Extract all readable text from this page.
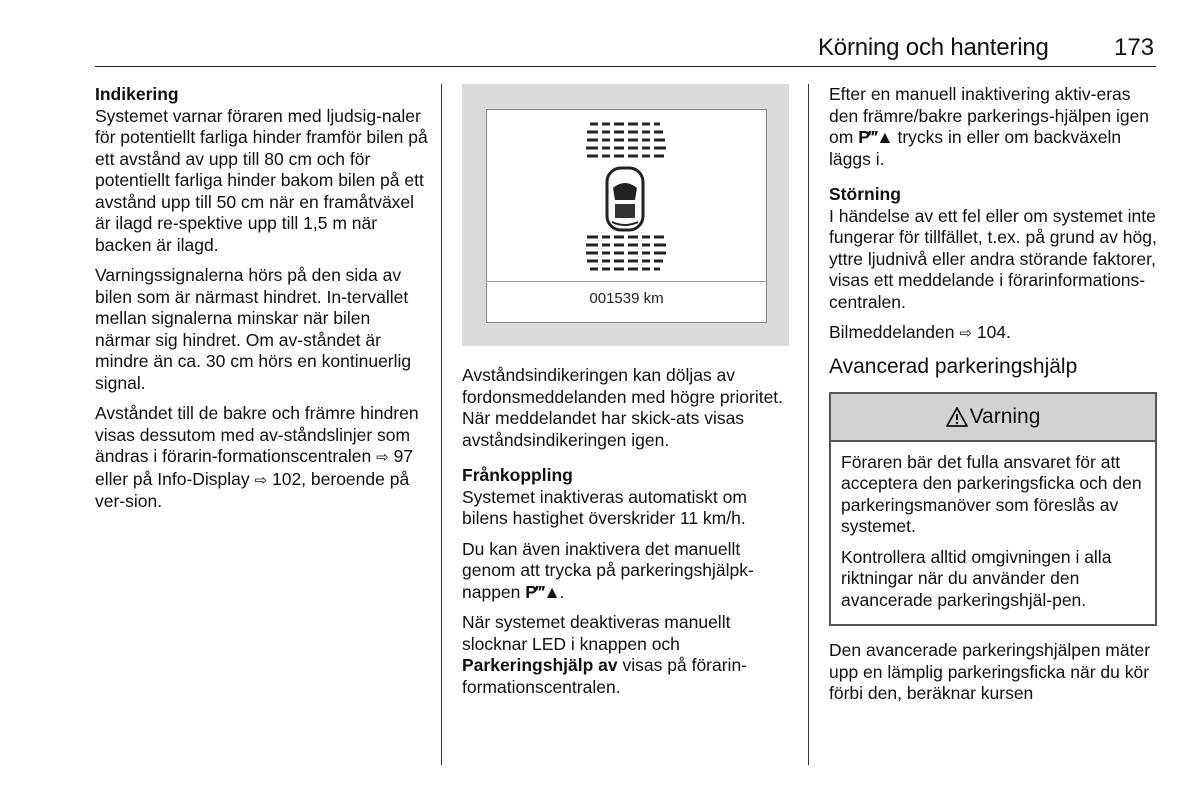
Körning och hantering	173
Indikering

Systemet varnar föraren med ljudsig-naler för potentiellt farliga hinder framför bilen på ett avstånd av upp till 80 cm och för potentiellt farliga hinder bakom bilen på ett avstånd upp till 50 cm när en framåtväxel är ilagd re-spektive upp till 1,5 m när backen är ilagd.

Varningssignalerna hörs på den sida av bilen som är närmast hindret. In-tervallet mellan signalerna minskar när bilen närmar sig hindret. Om av-ståndet är mindre än ca. 30 cm hörs en kontinuerlig signal.

Avståndet till de bakre och främre hindren visas dessutom med av-ståndslinjer som ändras i förarin-formationscentralen ⇨ 97 eller på Info-Display ⇨ 102, beroende på ver-sion.

001539 km

Avståndsindikeringen kan döljas av fordonsmeddelanden med högre prioritet. När meddelandet har skick-ats visas avståndsindikeringen igen.

Frånkoppling

Systemet inaktiveras automatiskt om bilens hastighet överskrider 11 km/h.

Du kan även inaktivera det manuellt genom att trycka på parkeringshjälpk-nappen P‴▲.

När systemet deaktiveras manuellt slocknar LED i knappen och Parkeringshjälp av visas på förarin-formationscentralen.

Efter en manuell inaktivering aktiv-eras den främre/bakre parkerings-hjälpen igen om P‴▲ trycks in eller om backväxeln läggs i.

Störning

I händelse av ett fel eller om systemet inte fungerar för tillfället, t.ex. på grund av hög, yttre ljudnivå eller andra störande faktorer, visas ett meddelande i förarinformations-centralen.

Bilmeddelanden ⇨ 104.

Avancerad parkeringshjälp
Varning

Föraren bär det fulla ansvaret för att acceptera den parkeringsficka och den parkeringsmanöver som föreslås av systemet.

Kontrollera alltid omgivningen i alla riktningar när du använder den avancerade parkeringshjäl-pen.

Den avancerade parkeringshjälpen mäter upp en lämplig parkeringsficka när du kör förbi den, beräknar kursen
